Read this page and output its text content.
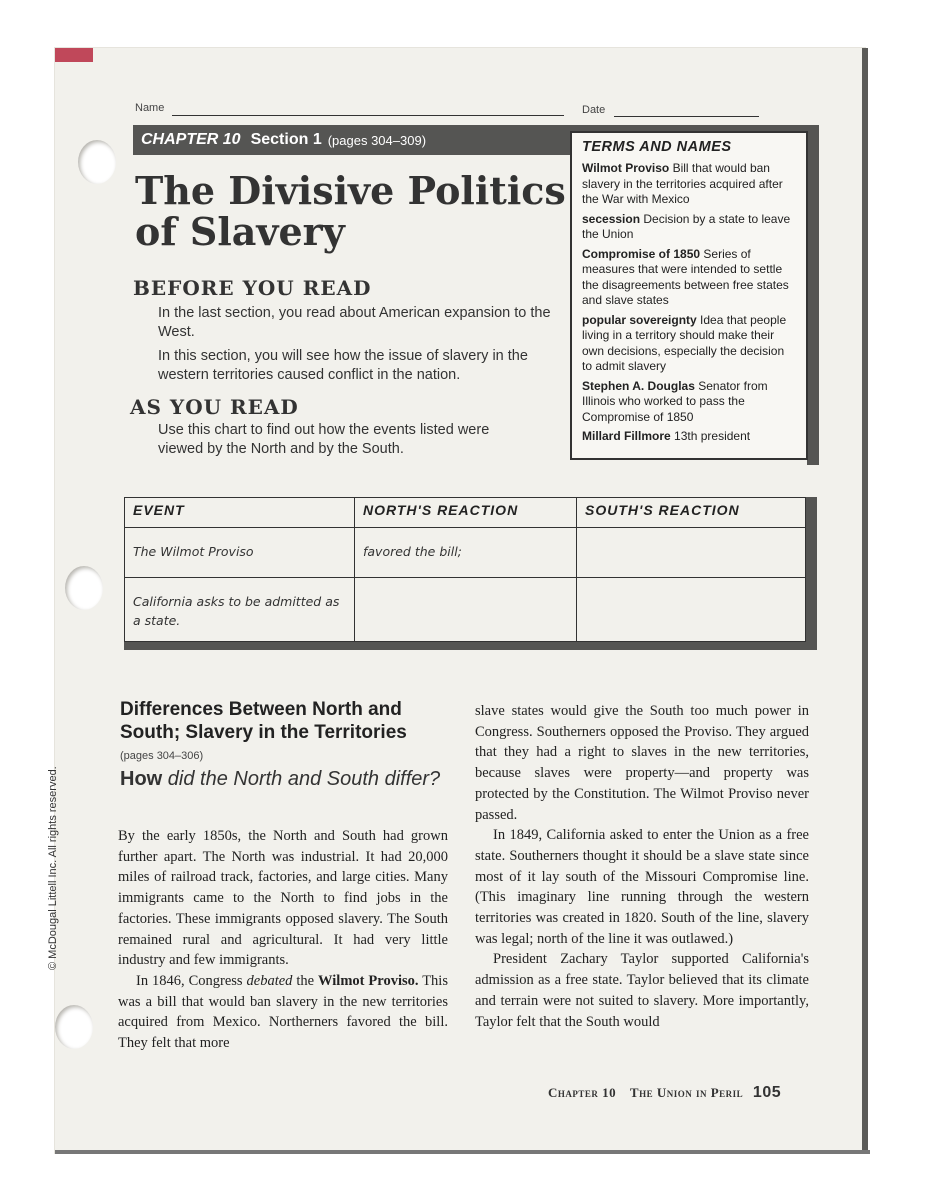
© McDougal Littell Inc. All rights reserved.
Name	Date
CHAPTER 10 Section 1 (pages 304–309)
The Divisive Politics of Slavery
BEFORE YOU READ
In the last section, you read about American expansion to the West.
In this section, you will see how the issue of slavery in the western territories caused conflict in the nation.
AS YOU READ
Use this chart to find out how the events listed were viewed by the North and by the South.
TERMS AND NAMES
Wilmot Proviso Bill that would ban slavery in the territories acquired after the War with Mexico
secession Decision by a state to leave the Union
Compromise of 1850 Series of measures that were intended to settle the disagreements between free states and slave states
popular sovereignty Idea that people living in a territory should make their own decisions, especially the decision to admit slavery
Stephen A. Douglas Senator from Illinois who worked to pass the Compromise of 1850
Millard Fillmore 13th president
EVENT	NORTH'S REACTION	SOUTH'S REACTION
The Wilmot Proviso	favored the bill;	
California asks to be admitted as a state.		
Differences Between North and South; Slavery in the Territories
(pages 304–306)
How did the North and South differ?

By the early 1850s, the North and South had grown further apart. The North was industrial. It had 20,000 miles of railroad track, factories, and large cities. Many immigrants came to the North to find jobs in the factories. These immigrants opposed slavery. The South remained rural and agricultural. It had very little industry and few immigrants.

In 1846, Congress debated the Wilmot Proviso. This was a bill that would ban slavery in the new territories acquired from Mexico. Northerners favored the bill. They felt that more

slave states would give the South too much power in Congress. Southerners opposed the Proviso. They argued that they had a right to slaves in the new territories, because slaves were property—and property was protected by the Constitution. The Wilmot Proviso never passed.

In 1849, California asked to enter the Union as a free state. Southerners thought it should be a slave state since most of it lay south of the Missouri Compromise line. (This imaginary line running through the western territories was created in 1820. South of the line, slavery was legal; north of the line it was outlawed.)

President Zachary Taylor supported California's admission as a free state. Taylor believed that its climate and terrain were not suited to slavery. More importantly, Taylor felt that the South would

Chapter 10 The Union in Peril 105
